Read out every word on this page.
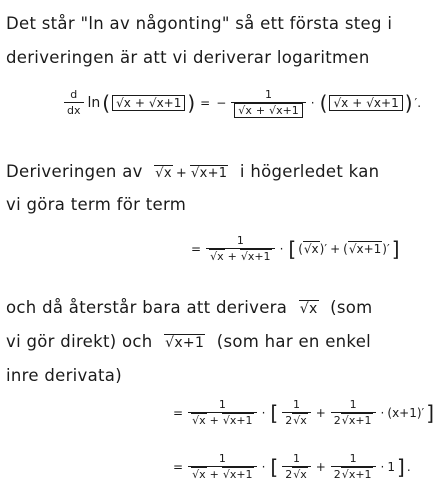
Det står "ln av någonting" så ett första steg i
deriveringen är att vi deriverar logaritmen
$\frac{d}{dx}$ ln (	√ x + √ x+1 ) = − 1
√ x + √ x+1 · (	√ x + √ x+1 ) ′ .
Deriveringen av √ x + √ x+1 i högerledet kan
vi göra term för term
= 1
√ x + √ x+1 · [ ( √ x ) ′ + ( √ x+1 ) ′ ]
och då återstår bara att derivera √ x (som
vi gör direkt) och √ x+1 (som har en enkel
inre derivata)
= 1
√ x + √ x+1 · [ $\frac{1}{2 √ x} + \frac{1}{2 √ x+1}$ · ( x+1 ) ′ ]
= 1
√ x + √ x+1 · [ $\frac{1}{2 √ x} + \frac{1}{2 √ x+1} \cdot 1$ ] .
